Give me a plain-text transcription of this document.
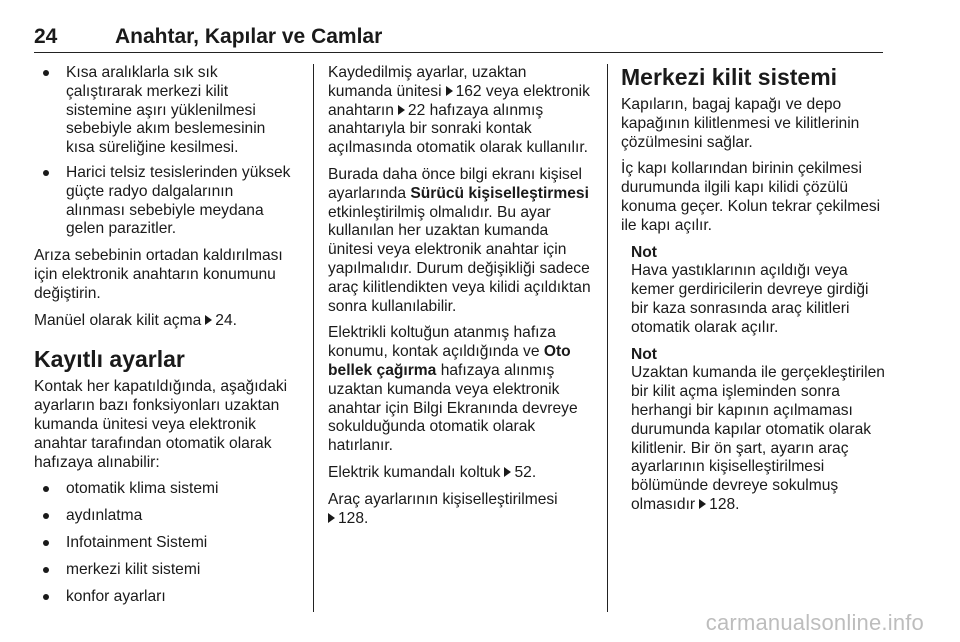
24	Anahtar, Kapılar ve Camlar
Kısa aralıklarla sık sık çalıştırarak merkezi kilit sistemine aşırı yüklenilmesi sebebiyle akım beslemesinin kısa süreliğine kesilmesi.
Harici telsiz tesislerinden yüksek güçte radyo dalgalarının alınması sebebiyle meydana gelen parazitler.

Arıza sebebinin ortadan kaldırılması için elektronik anahtarın konumunu değiştirin.

Manüel olarak kilit açma 24.

Kayıtlı ayarlar

Kontak her kapatıldığında, aşağıdaki ayarların bazı fonksiyonları uzaktan kumanda ünitesi veya elektronik anahtar tarafından otomatik olarak hafızaya alınabilir:

otomatik klima sistemi
aydınlatma
Infotainment Sistemi
merkezi kilit sistemi
konfor ayarları

Kaydedilmiş ayarlar, uzaktan kumanda ünitesi 162 veya elektronik anahtarın 22 hafızaya alınmış anahtarıyla bir sonraki kontak açılmasında otomatik olarak kullanılır.

Burada daha önce bilgi ekranı kişisel ayarlarında Sürücü kişiselleştirmesi etkinleştirilmiş olmalıdır. Bu ayar kullanılan her uzaktan kumanda ünitesi veya elektronik anahtar için yapılmalıdır. Durum değişikliği sadece araç kilitlendikten veya kilidi açıldıktan sonra kullanılabilir.

Elektrikli koltuğun atanmış hafıza konumu, kontak açıldığında ve Oto bellek çağırma hafızaya alınmış uzaktan kumanda veya elektronik anahtar için Bilgi Ekranında devreye sokulduğunda otomatik olarak hatırlanır.

Elektrik kumandalı koltuk 52.

Araç ayarlarının kişiselleştirilmesi
128.

Merkezi kilit sistemi

Kapıların, bagaj kapağı ve depo kapağının kilitlenmesi ve kilitlerinin çözülmesini sağlar.

İç kapı kollarından birinin çekilmesi durumunda ilgili kapı kilidi çözülü konuma geçer. Kolun tekrar çekilmesi ile kapı açılır.

Not
Hava yastıklarının açıldığı veya kemer gerdiricilerin devreye girdiği bir kaza sonrasında araç kilitleri otomatik olarak açılır.

Not
Uzaktan kumanda ile gerçekleştirilen bir kilit açma işleminden sonra herhangi bir kapının açılmaması durumunda kapılar otomatik olarak kilitlenir. Bir ön şart, ayarın araç ayarlarının kişiselleştirilmesi bölümünde devreye sokulmuş olmasıdır 128.

carmanualsonline.info
